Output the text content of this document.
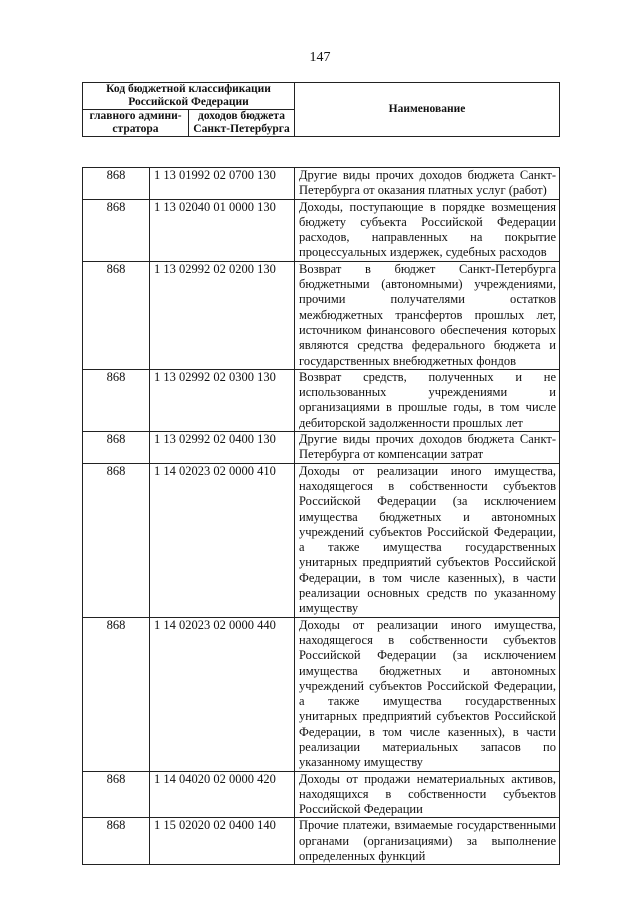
147
Код бюджетной классификации Российской Федерации		Наименование
главного админи-стратора	доходов бюджета Санкт-Петербурга	
868	1 13 01992 02 0700 130	Другие виды прочих доходов бюджета Санкт-Петербурга от оказания платных услуг (работ)
868	1 13 02040 01 0000 130	Доходы, поступающие в порядке возмещения бюджету субъекта Российской Федерации расходов, направленных на покрытие процессуальных издержек, судебных расходов
868	1 13 02992 02 0200 130	Возврат в бюджет Санкт-Петербурга бюджетными (автономными) учреждениями, прочими получателями остатков межбюджетных трансфертов прошлых лет, источником финансового обеспечения которых являются средства федерального бюджета и государственных внебюджетных фондов
868	1 13 02992 02 0300 130	Возврат средств, полученных и не использованных учреждениями и организациями в прошлые годы, в том числе дебиторской задолженности прошлых лет
868	1 13 02992 02 0400 130	Другие виды прочих доходов бюджета Санкт-Петербурга от компенсации затрат
868	1 14 02023 02 0000 410	Доходы от реализации иного имущества, находящегося в собственности субъектов Российской Федерации (за исключением имущества бюджетных и автономных учреждений субъектов Российской Федерации, а также имущества государственных унитарных предприятий субъектов Российской Федерации, в том числе казенных), в части реализации основных средств по указанному имуществу
868	1 14 02023 02 0000 440	Доходы от реализации иного имущества, находящегося в собственности субъектов Российской Федерации (за исключением имущества бюджетных и автономных учреждений субъектов Российской Федерации, а также имущества государственных унитарных предприятий субъектов Российской Федерации, в том числе казенных), в части реализации материальных запасов по указанному имуществу
868	1 14 04020 02 0000 420	Доходы от продажи нематериальных активов, находящихся в собственности субъектов Российской Федерации
868	1 15 02020 02 0400 140	Прочие платежи, взимаемые государственными органами (организациями) за выполнение определенных функций
